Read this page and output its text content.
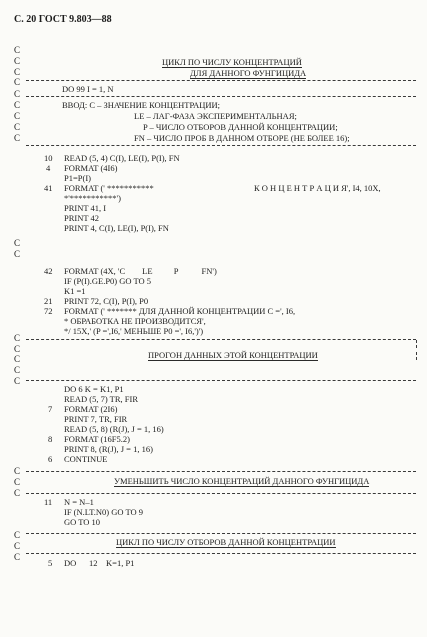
С. 20 ГОСТ 9.803—88
С
С
С
С
С
С
С
С
С
ЦИКЛ ПО ЧИСЛУ КОНЦЕНТРАЦИЙ
ДЛЯ ДАННОГО ФУНГИЦИДА
DO 99 I = 1, N
ВВОД: С – ЗНАЧЕНИЕ КОНЦЕНТРАЦИИ;
LE – ЛАГ-ФАЗА ЭКСПЕРИМЕНТАЛЬНАЯ;
P – ЧИСЛО ОТБОРОВ ДАННОЙ КОНЦЕНТРАЦИИ;
FN – ЧИСЛО ПРОБ В ДАННОМ ОТБОРЕ (НЕ БОЛЕЕ 16);
10 READ (5, 4) C(I), LE(I), P(I), FN
4 FORMAT (4I6)
P1=P(I)
41 FORMAT (' ***********	К О Н Ц Е Н Т Р А Ц И Я', I4, 10X,
*'***********')
PRINT 41, I
PRINT 42
PRINT 4, C(I), LE(I), P(I), FN
С
С
42 FORMAT (4X, 'C        LE          P           FN')
IF (P(I).GE.P0) GO TO 5
K1 =1
21 PRINT 72, C(I), P(I), P0
72 FORMAT (' ******* ДЛЯ ДАННОЙ КОНЦЕНТРАЦИИ С =', I6,
* ОБРАБОТКА НЕ ПРОИЗВОДИТСЯ',
*/ 15X,' (P =',I6,' МЕНЬШЕ P0 =', I6,')')
С
С
С
С
С
ПРОГОН ДАННЫХ ЭТОЙ КОНЦЕНТРАЦИИ
DO 6 K = K1, P1
READ (5, 7) TR, FIR
7 FORMAT (2I6)
PRINT 7, TR, FIR
READ (5, 8) (R(J), J = 1, 16)
8 FORMAT (16F5.2)
PRINT 8, (R(J), J = 1, 16)
6 CONTINUE
С
С
С
УМЕНЬШИТЬ ЧИСЛО КОНЦЕНТРАЦИЙ ДАННОГО ФУНГИЦИДА
11 N = N–1
IF (N.LT.N0) GO TO 9
GO TO 10
С
С
С
ЦИКЛ ПО ЧИСЛУ ОТБОРОВ ДАННОЙ КОНЦЕНТРАЦИИ
5 DO      12    K=1, P1
